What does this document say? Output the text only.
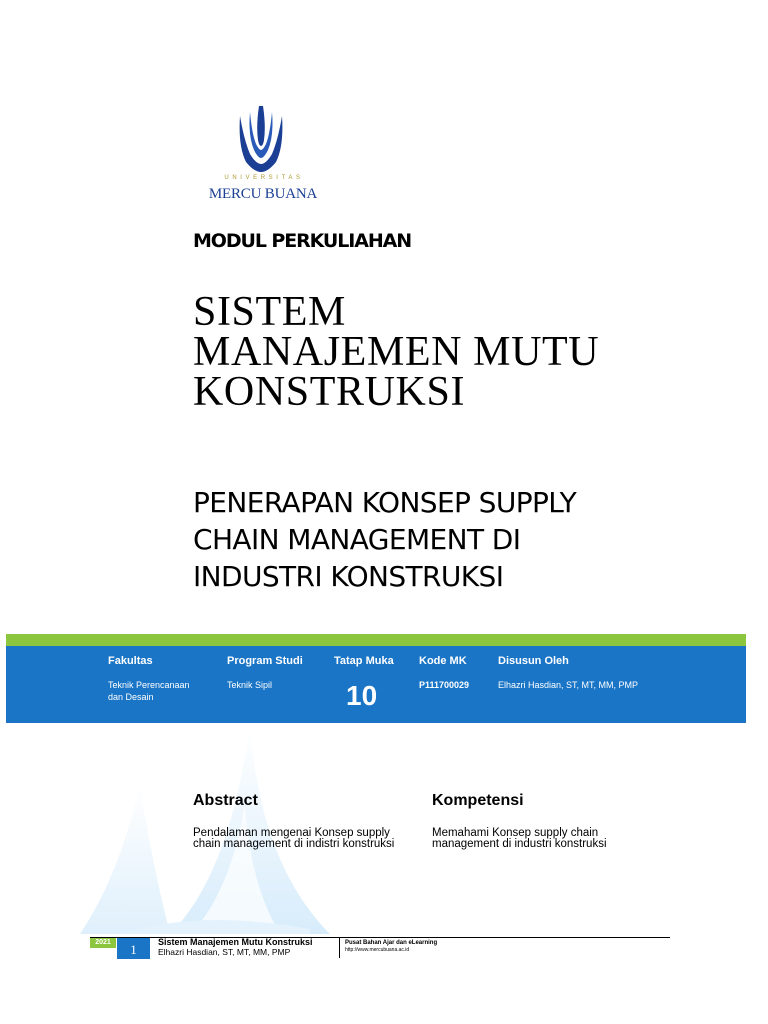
UNIVERSITAS
MERCU BUANA
MODUL PERKULIAHAN
SISTEM
MANAJEMEN MUTU
KONSTRUKSI
PENERAPAN KONSEP SUPPLY
CHAIN MANAGEMENT DI
INDUSTRI KONSTRUKSI
Fakultas
Teknik Perencanaan
dan Desain
Program Studi
Teknik Sipil
Tatap Muka
10
Kode MK
P111700029
Disusun Oleh
Elhazri Hasdian, ST, MT, MM, PMP
Abstract
Pendalaman mengenai Konsep supply chain management di indistri konstruksi
Kompetensi
Memahami Konsep supply chain management di industri konstruksi
2021	1	Sistem Manajemen Mutu Konstruksi
Elhazri Hasdian, ST, MT, MM, PMP
Pusat Bahan Ajar dan eLearning
http://www.mercubuana.ac.id
